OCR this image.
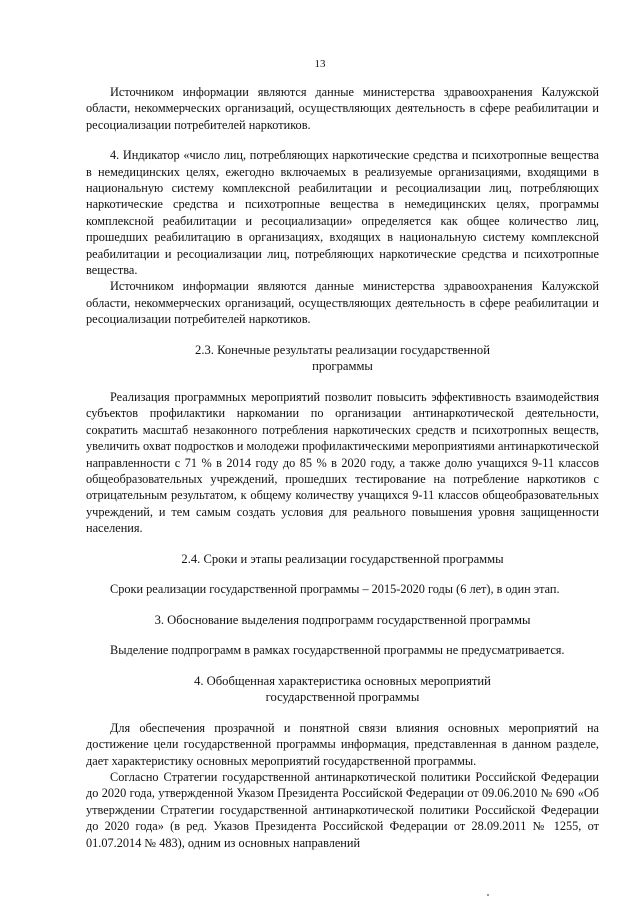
13

Источником информации являются данные министерства здравоохранения Калужской области, некоммерческих организаций, осуществляющих деятельность в сфере реабилитации и ресоциализации потребителей наркотиков.

4. Индикатор «число лиц, потребляющих наркотические средства и психотропные вещества в немедицинских целях, ежегодно включаемых в реализуемые организациями, входящими в национальную систему комплексной реабилитации и ресоциализации лиц, потребляющих наркотические средства и психотропные вещества в немедицинских целях, программы комплексной реабилитации и ресоциализации» определяется как общее количество лиц, прошедших реабилитацию в организациях, входящих в национальную систему комплексной реабилитации и ресоциализации лиц, потребляющих наркотические средства и психотропные вещества.

Источником информации являются данные министерства здравоохранения Калужской области, некоммерческих организаций, осуществляющих деятельность в сфере реабилитации и ресоциализации потребителей наркотиков.

2.3. Конечные результаты реализации государственной

программы

Реализация программных мероприятий позволит повысить эффективность взаимодействия субъектов профилактики наркомании по организации антинаркотической деятельности, сократить масштаб незаконного потребления наркотических средств и психотропных веществ, увеличить охват подростков и молодежи профилактическими мероприятиями антинаркотической направленности с 71 % в 2014 году до 85 % в 2020 году, а также долю учащихся 9-11 классов общеобразовательных учреждений, прошедших тестирование на потребление наркотиков с отрицательным результатом, к общему количеству учащихся 9-11 классов общеобразовательных учреждений, и тем самым создать условия для реального повышения уровня защищенности населения.

2.4. Сроки и этапы реализации государственной программы

Сроки реализации государственной программы – 2015-2020 годы (6 лет), в один этап.

3. Обоснование выделения подпрограмм государственной программы

Выделение подпрограмм в рамках государственной программы не предусматривается.

4. Обобщенная характеристика основных мероприятий

государственной программы

Для обеспечения прозрачной и понятной связи влияния основных мероприятий на достижение цели государственной программы информация, представленная в данном разделе, дает характеристику основных мероприятий государственной программы.

Согласно Стратегии государственной антинаркотической политики Российской Федерации до 2020 года, утвержденной Указом Президента Российской Федерации от 09.06.2010 № 690 «Об утверждении Стратегии государственной антинаркотической политики Российской Федерации до 2020 года» (в ред. Указов Президента Российской Федерации от 28.09.2011 № 1255, от 01.07.2014 № 483), одним из основных направлений
